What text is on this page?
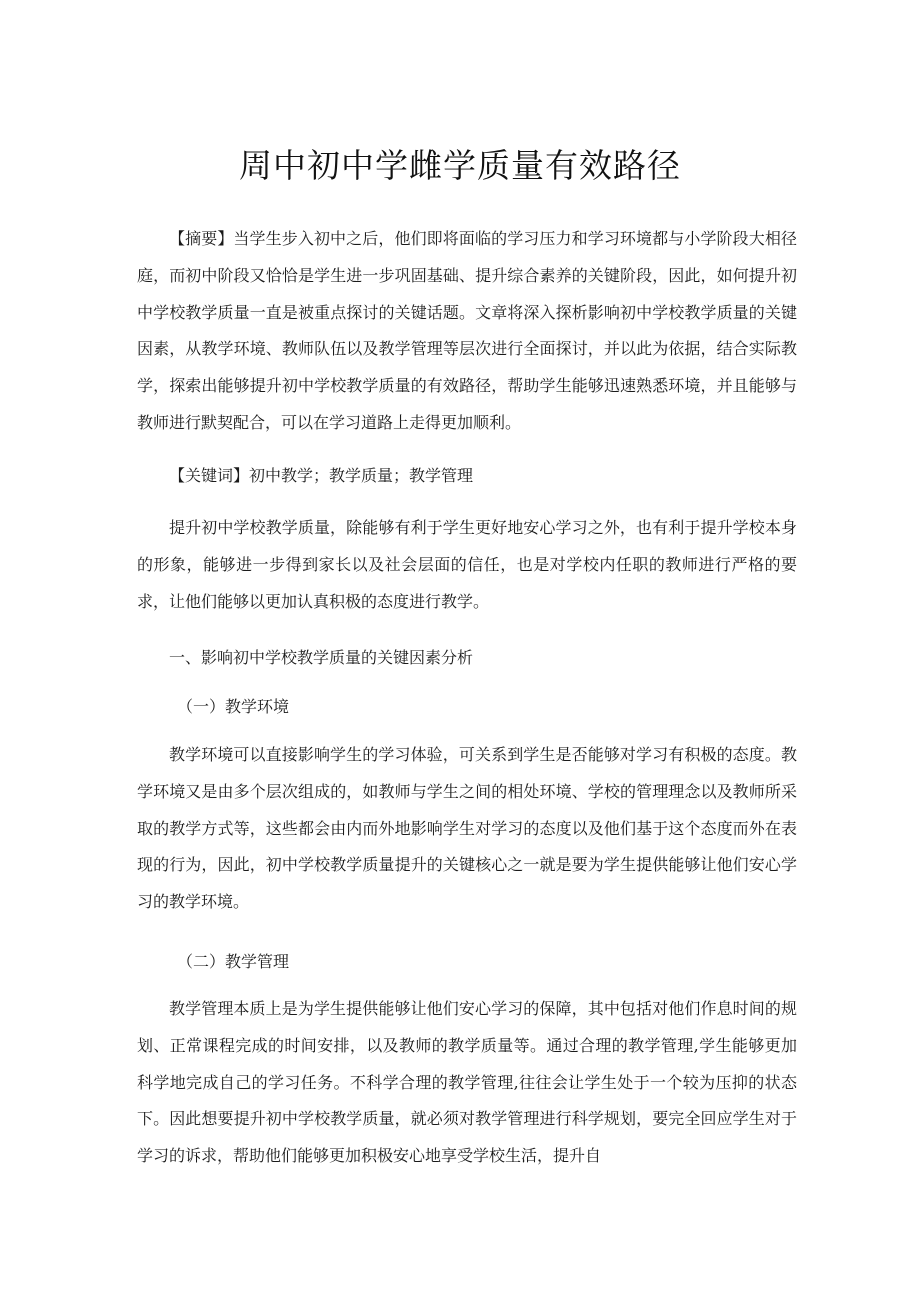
周中初中学雌学质量有效路径

【摘要】当学生步入初中之后，他们即将面临的学习压力和学习环境都与小学阶段大相径庭，而初中阶段又恰恰是学生进一步巩固基础、提升综合素养的关键阶段，因此，如何提升初中学校教学质量一直是被重点探讨的关键话题。文章将深入探析影响初中学校教学质量的关键因素，从教学环境、教师队伍以及教学管理等层次进行全面探讨，并以此为依据，结合实际教学，探索出能够提升初中学校教学质量的有效路径，帮助学生能够迅速熟悉环境，并且能够与教师进行默契配合，可以在学习道路上走得更加顺利。

【关键词】初中教学；教学质量；教学管理

提升初中学校教学质量，除能够有利于学生更好地安心学习之外，也有利于提升学校本身的形象，能够进一步得到家长以及社会层面的信任，也是对学校内任职的教师进行严格的要求，让他们能够以更加认真积极的态度进行教学。

一、影响初中学校教学质量的关键因素分析

（一）教学环境

教学环境可以直接影响学生的学习体验，可关系到学生是否能够对学习有积极的态度。教学环境又是由多个层次组成的，如教师与学生之间的相处环境、学校的管理理念以及教师所采取的教学方式等，这些都会由内而外地影响学生对学习的态度以及他们基于这个态度而外在表现的行为，因此，初中学校教学质量提升的关键核心之一就是要为学生提供能够让他们安心学习的教学环境。

（二）教学管理

教学管理本质上是为学生提供能够让他们安心学习的保障，其中包括对他们作息时间的规划、正常课程完成的时间安排，以及教师的教学质量等。通过合理的教学管理,学生能够更加科学地完成自己的学习任务。不科学合理的教学管理,往往会让学生处于一个较为压抑的状态下。因此想要提升初中学校教学质量，就必须对教学管理进行科学规划，要完全回应学生对于学习的诉求，帮助他们能够更加积极安心地享受学校生活，提升自
